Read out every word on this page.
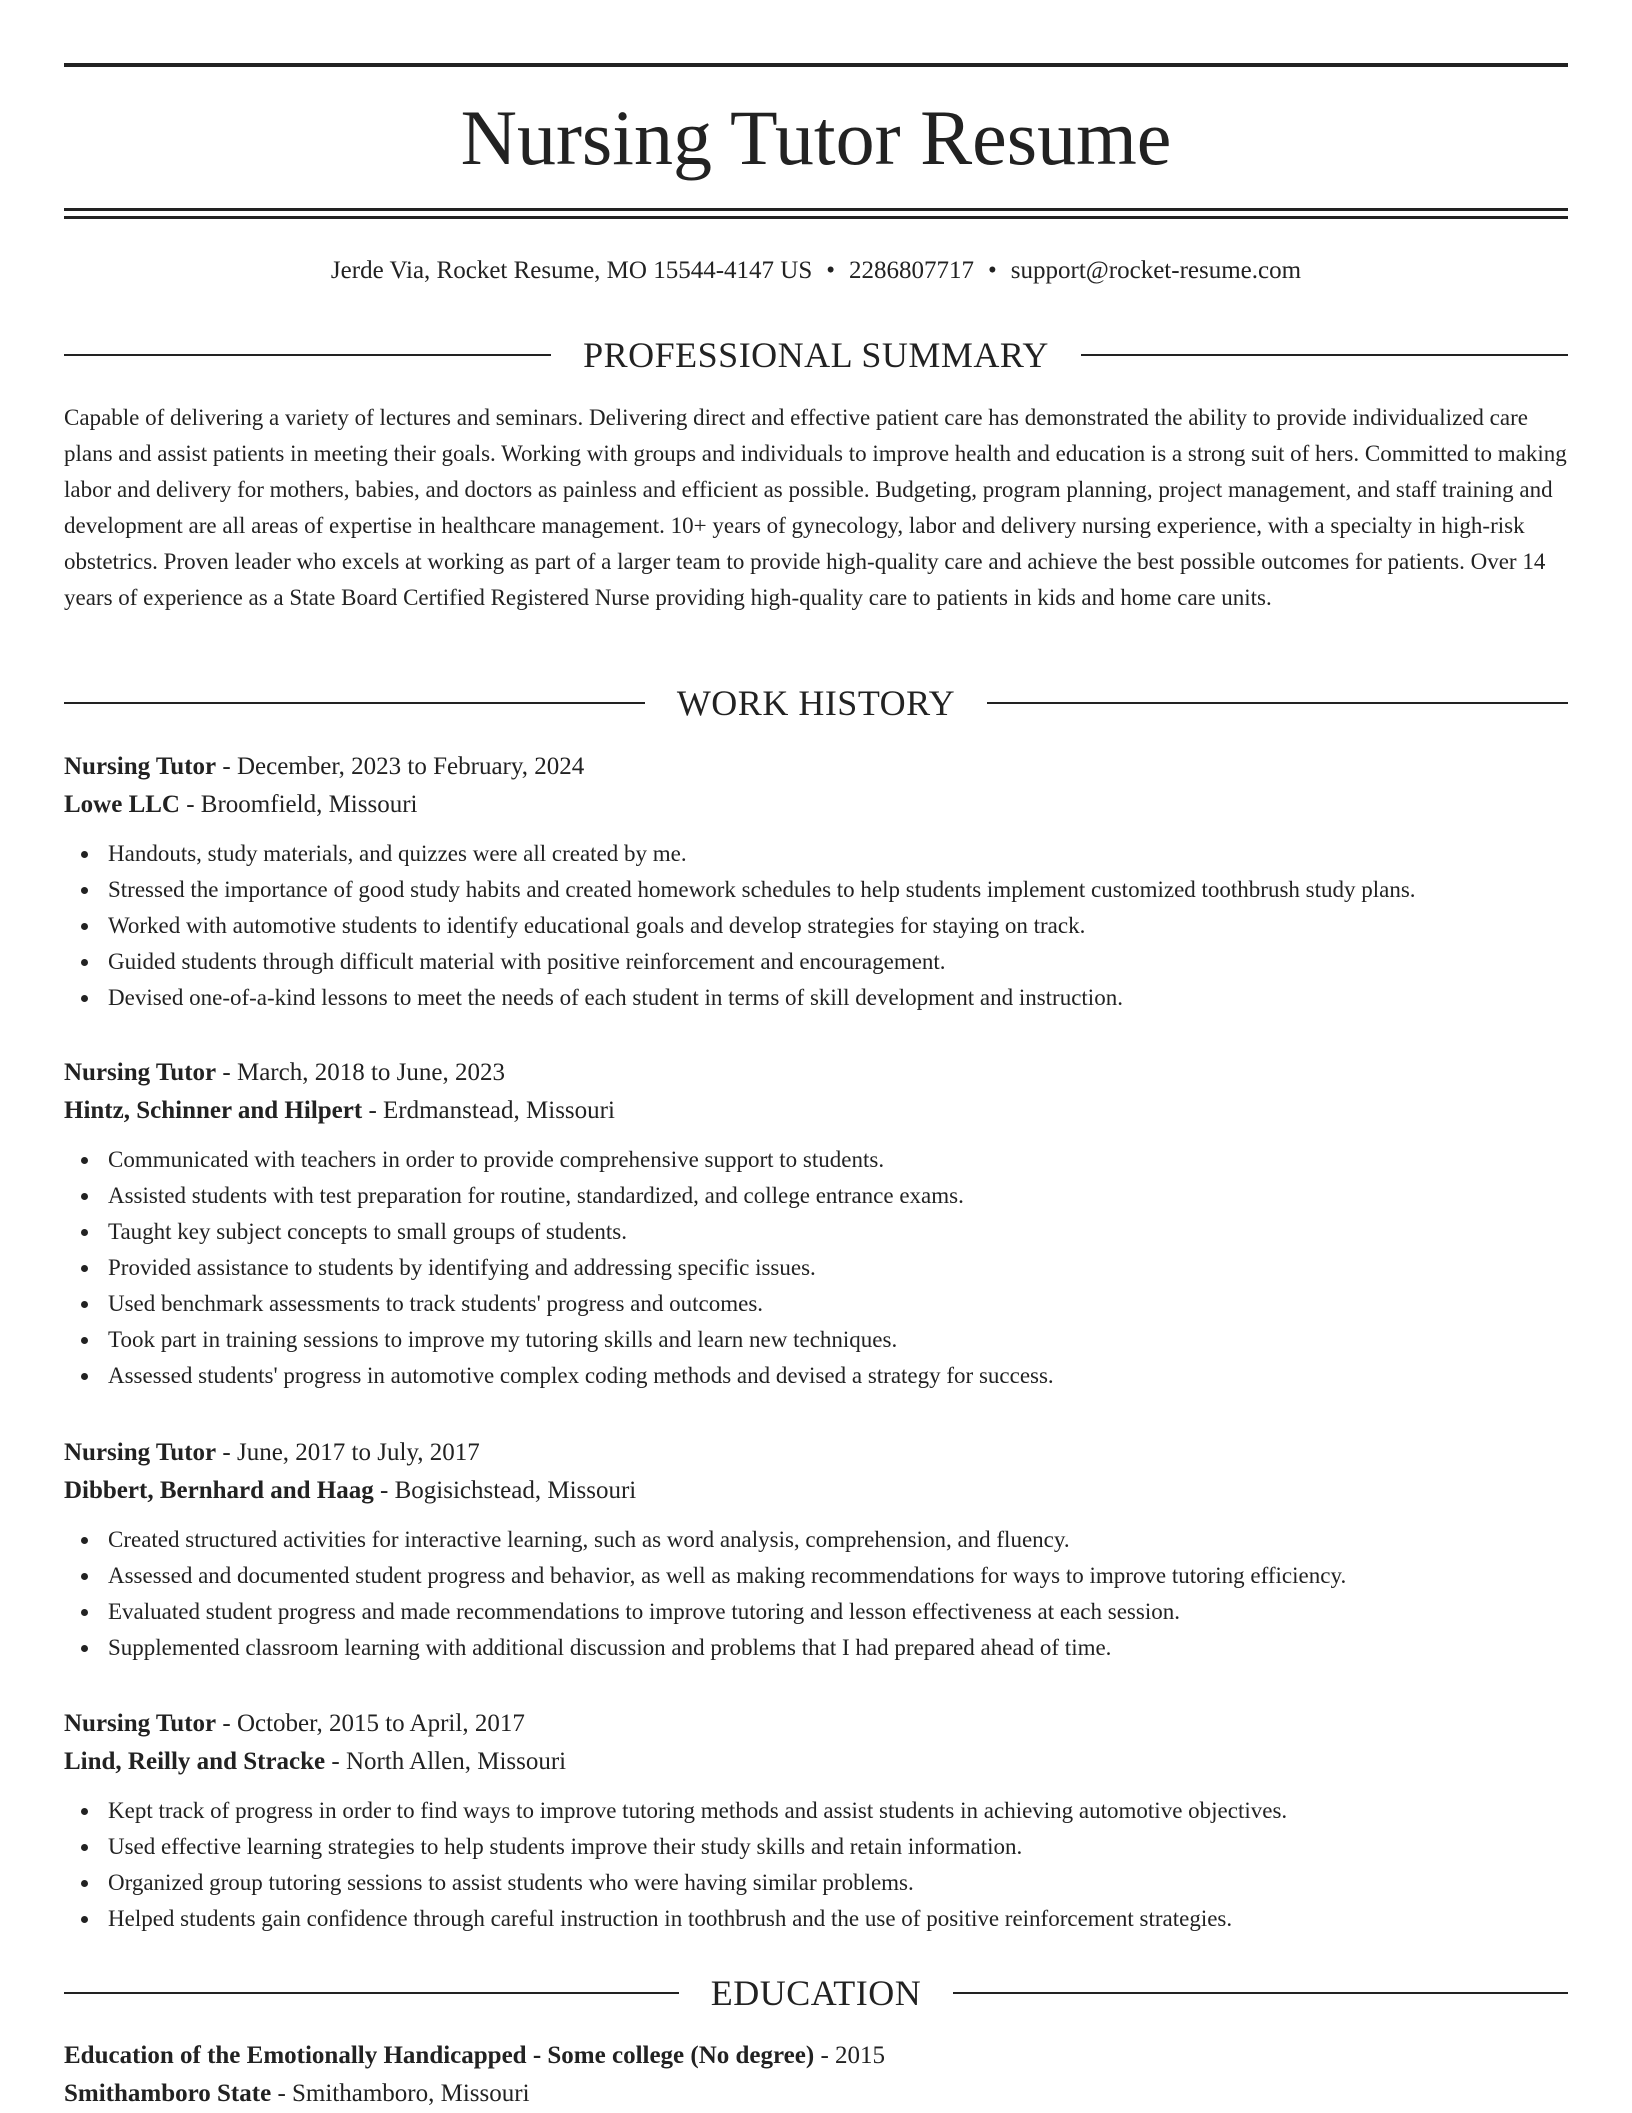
Nursing Tutor Resume
Jerde Via, Rocket Resume, MO 15544-4147 US • 2286807717 • support@rocket-resume.com
PROFESSIONAL SUMMARY

Capable of delivering a variety of lectures and seminars. Delivering direct and effective patient care has demonstrated the ability to provide individualized care plans and assist patients in meeting their goals. Working with groups and individuals to improve health and education is a strong suit of hers. Committed to making labor and delivery for mothers, babies, and doctors as painless and efficient as possible. Budgeting, program planning, project management, and staff training and development are all areas of expertise in healthcare management. 10+ years of gynecology, labor and delivery nursing experience, with a specialty in high-risk obstetrics. Proven leader who excels at working as part of a larger team to provide high-quality care and achieve the best possible outcomes for patients. Over 14 years of experience as a State Board Certified Registered Nurse providing high-quality care to patients in kids and home care units.

WORK HISTORY
Nursing Tutor - December, 2023 to February, 2024
Lowe LLC - Broomfield, Missouri
Handouts, study materials, and quizzes were all created by me.
Stressed the importance of good study habits and created homework schedules to help students implement customized toothbrush study plans.
Worked with automotive students to identify educational goals and develop strategies for staying on track.
Guided students through difficult material with positive reinforcement and encouragement.
Devised one-of-a-kind lessons to meet the needs of each student in terms of skill development and instruction.
Nursing Tutor - March, 2018 to June, 2023
Hintz, Schinner and Hilpert - Erdmanstead, Missouri
Communicated with teachers in order to provide comprehensive support to students.
Assisted students with test preparation for routine, standardized, and college entrance exams.
Taught key subject concepts to small groups of students.
Provided assistance to students by identifying and addressing specific issues.
Used benchmark assessments to track students' progress and outcomes.
Took part in training sessions to improve my tutoring skills and learn new techniques.
Assessed students' progress in automotive complex coding methods and devised a strategy for success.
Nursing Tutor - June, 2017 to July, 2017
Dibbert, Bernhard and Haag - Bogisichstead, Missouri
Created structured activities for interactive learning, such as word analysis, comprehension, and fluency.
Assessed and documented student progress and behavior, as well as making recommendations for ways to improve tutoring efficiency.
Evaluated student progress and made recommendations to improve tutoring and lesson effectiveness at each session.
Supplemented classroom learning with additional discussion and problems that I had prepared ahead of time.
Nursing Tutor - October, 2015 to April, 2017
Lind, Reilly and Stracke - North Allen, Missouri
Kept track of progress in order to find ways to improve tutoring methods and assist students in achieving automotive objectives.
Used effective learning strategies to help students improve their study skills and retain information.
Organized group tutoring sessions to assist students who were having similar problems.
Helped students gain confidence through careful instruction in toothbrush and the use of positive reinforcement strategies.
EDUCATION
Education of the Emotionally Handicapped - Some college (No degree) - 2015
Smithamboro State - Smithamboro, Missouri
